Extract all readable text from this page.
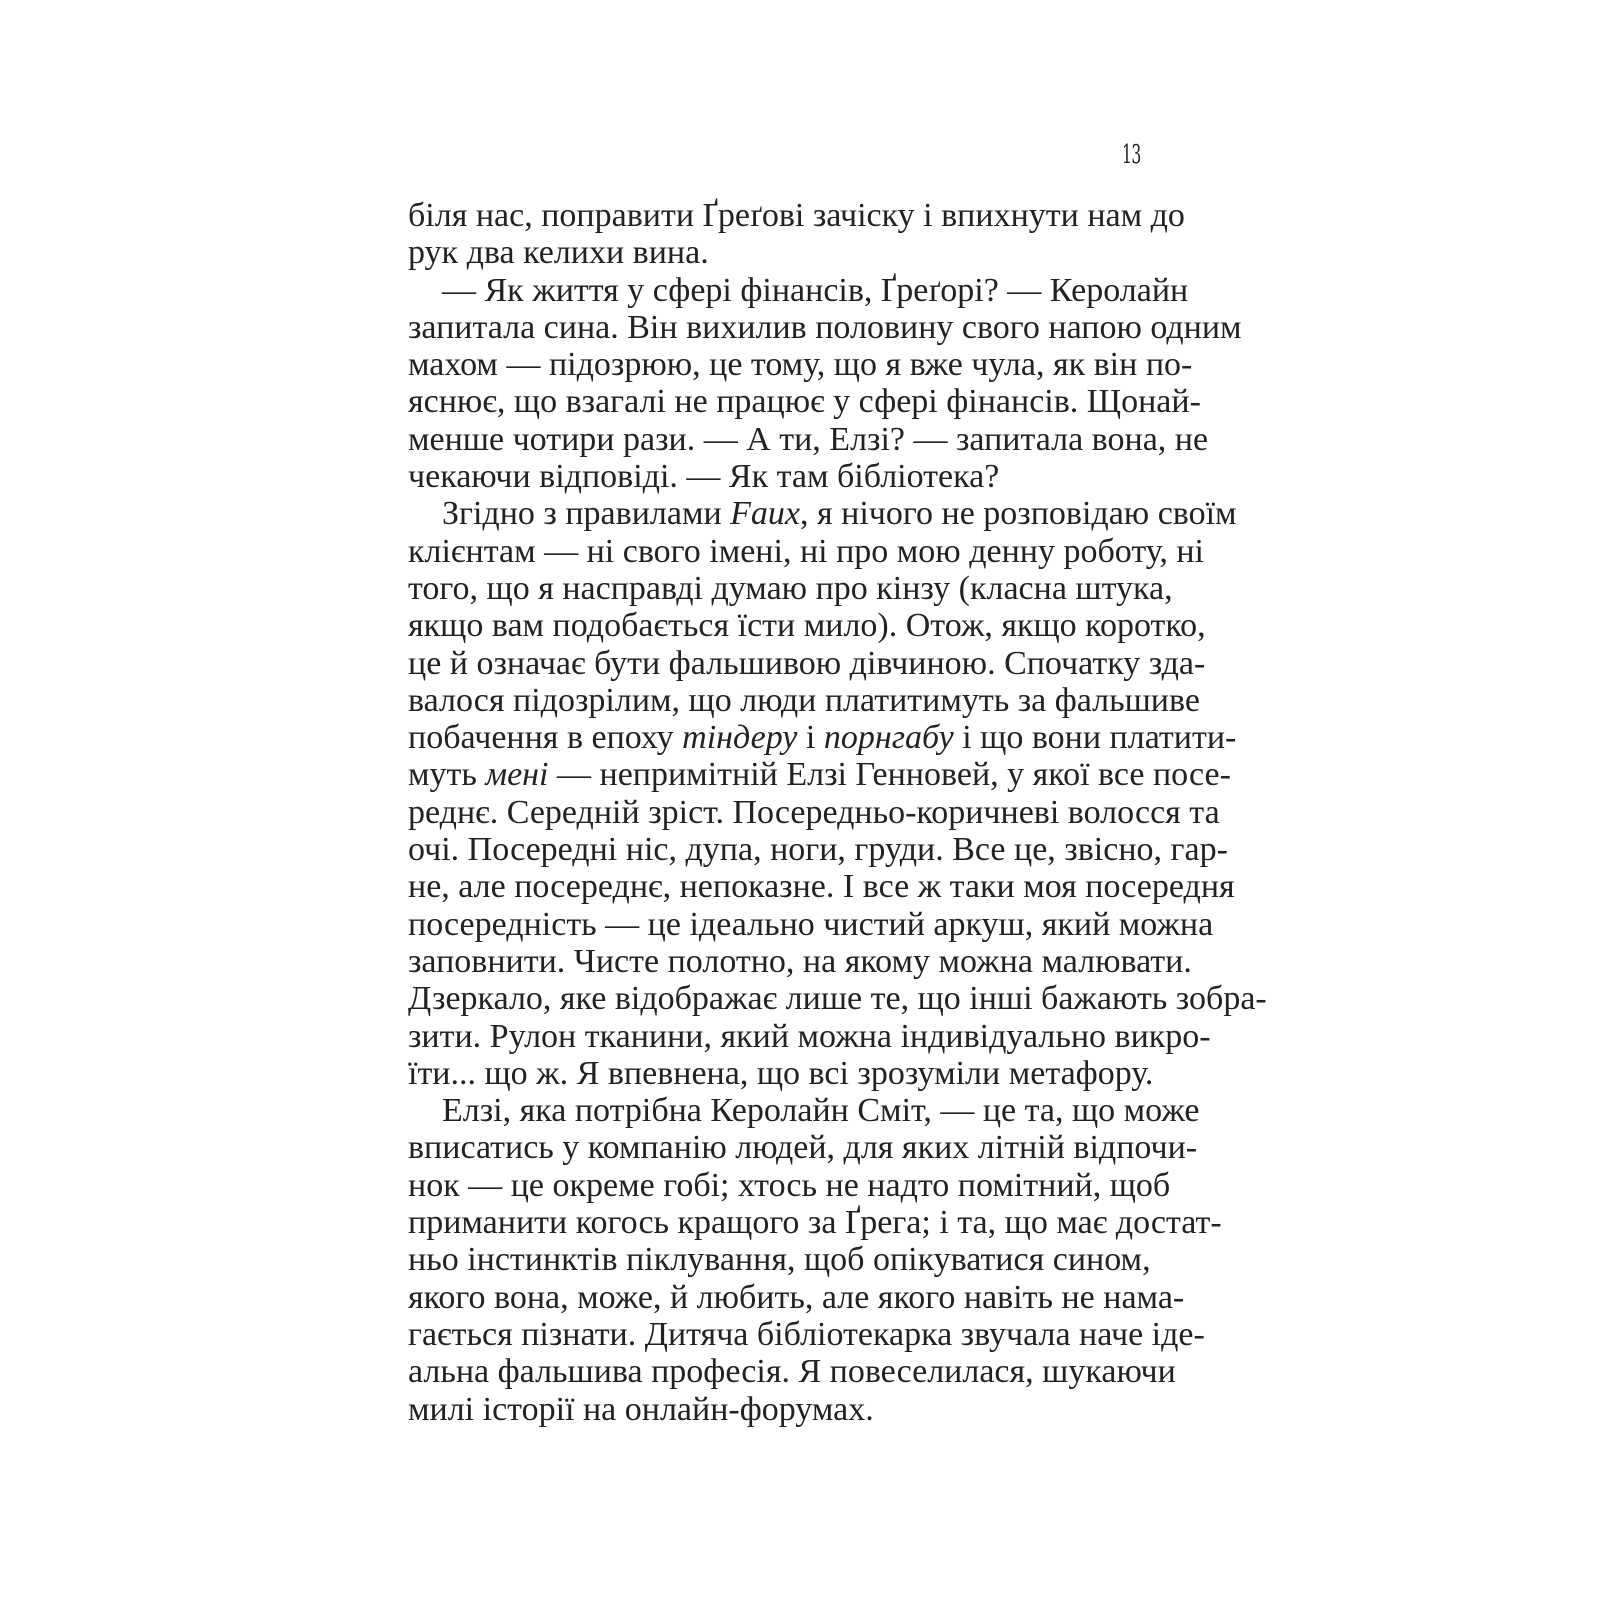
13
біля нас, поправити Ґреґові зачіску і впихнути нам до
рук два келихи вина.
— Як життя у сфері фінансів, Ґреґорі? — Керолайн
запитала сина. Він вихилив половину свого напою одним
махом — підозрюю, це тому, що я вже чула, як він по-
яснює, що взагалі не працює у сфері фінансів. Щонай-
менше чотири рази. — А ти, Елзі? — запитала вона, не
чекаючи відповіді. — Як там бібліотека?
Згідно з правилами Faux, я нічого не розповідаю своїм
клієнтам — ні свого імені, ні про мою денну роботу, ні
того, що я насправді думаю про кінзу (класна штука,
якщо вам подобається їсти мило). Отож, якщо коротко,
це й означає бути фальшивою дівчиною. Спочатку зда-
валося підозрілим, що люди платитимуть за фальшиве
побачення в епоху тіндеру і порнгабу і що вони платити-
муть мені — непримітній Елзі Генновей, у якої все посе-
реднє. Середній зріст. Посередньо-коричневі волосся та
очі. Посередні ніс, дупа, ноги, груди. Все це, звісно, гар-
не, але посереднє, непоказне. І все ж таки моя посередня
посередність — це ідеально чистий аркуш, який можна
заповнити. Чисте полотно, на якому можна малювати.
Дзеркало, яке відображає лише те, що інші бажають зобра-
зити. Рулон тканини, який можна індивідуально викро-
їти... що ж. Я впевнена, що всі зрозуміли метафору.
Елзі, яка потрібна Керолайн Сміт, — це та, що може
вписатись у компанію людей, для яких літній відпочи-
нок — це окреме гобі; хтось не надто помітний, щоб
приманити когось кращого за Ґрега; і та, що має достат-
ньо інстинктів піклування, щоб опікуватися сином,
якого вона, може, й любить, але якого навіть не нама-
гається пізнати. Дитяча бібліотекарка звучала наче ідe-
альна фальшива професія. Я повеселилася, шукаючи
милі історії на онлайн-форумах.
